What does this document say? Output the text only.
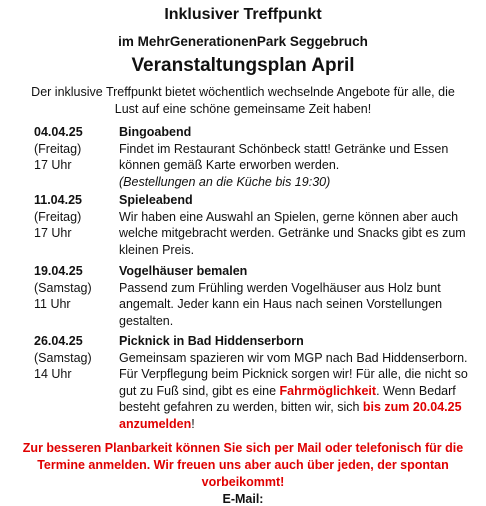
Inklusiver Treffpunkt
im MehrGenerationenPark Seggebruch
Veranstaltungsplan April
Der inklusive Treffpunkt bietet wöchentlich wechselnde Angebote für alle, die Lust auf eine schöne gemeinsame Zeit haben!
04.04.25
(Freitag)
17 Uhr
Bingoabend
Findet im Restaurant Schönbeck statt! Getränke und Essen können gemäß Karte erworben werden.
(Bestellungen an die Küche bis 19:30)
11.04.25
(Freitag)
17 Uhr
Spieleabend
Wir haben eine Auswahl an Spielen, gerne können aber auch welche mitgebracht werden. Getränke und Snacks gibt es zum kleinen Preis.
19.04.25
(Samstag)
11 Uhr
Vogelhäuser bemalen
Passend zum Frühling werden Vogelhäuser aus Holz bunt angemalt. Jeder kann ein Haus nach seinen Vorstellungen gestalten.
26.04.25
(Samstag)
14 Uhr
Picknick in Bad Hiddenserborn
Gemeinsam spazieren wir vom MGP nach Bad Hiddenserborn. Für Verpflegung beim Picknick sorgen wir! Für alle, die nicht so gut zu Fuß sind, gibt es eine Fahrmöglichkeit. Wenn Bedarf besteht gefahren zu werden, bitten wir, sich bis zum 20.04.25 anzumelden!
Zur besseren Planbarkeit können Sie sich per Mail oder telefonisch für die Termine anmelden. Wir freuen uns aber auch über jeden, der spontan vorbeikommt!
E-Mail:
